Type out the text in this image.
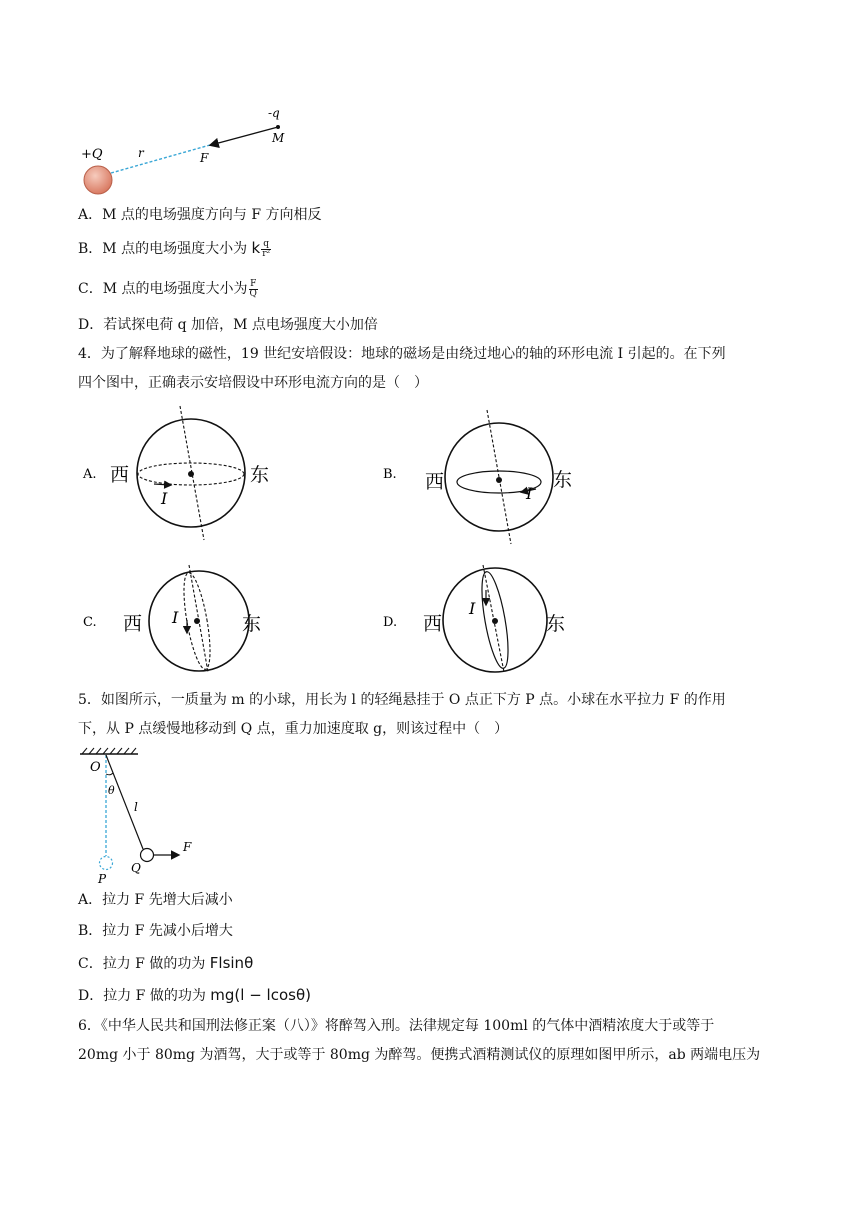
+Q	r	F
-q
M
A．M 点的电场强度方向与 F 方向相反
B．M 点的电场强度大小为 k $\frac{q}{\text{r²}}$
C．M 点的电场强度大小为 $\frac{F}{Q}$
D．若试探电荷 q 加倍，M 点电场强度大小加倍
4．为了解释地球的磁性，19 世纪安培假设：地球的磁场是由绕过地心的轴的环形电流 I 引起的。在下列
四个图中，正确表示安培假设中环形电流方向的是（　）
A. 西	东
I
B. 西	东
I
C. 西	东
I	D. 西	东
I
5．如图所示，一质量为 m 的小球，用长为 l 的轻绳悬挂于 O 点正下方 P 点。小球在水平拉力 F 的作用
下，从 P 点缓慢地移动到 Q 点，重力加速度取 g，则该过程中（　）
O
θ
l
P
Q
F
A．拉力 F 先增大后减小
B．拉力 F 先减小后增大
C．拉力 F 做的功为 Flsinθ
D．拉力 F 做的功为 mg(l − lcosθ)
6．《中华人民共和国刑法修正案（八）》将醉驾入刑。法律规定每 100ml 的气体中酒精浓度大于或等于
20mg 小于 80mg 为酒驾，大于或等于 80mg 为醉驾。便携式酒精测试仪的原理如图甲所示，ab 两端电压为
